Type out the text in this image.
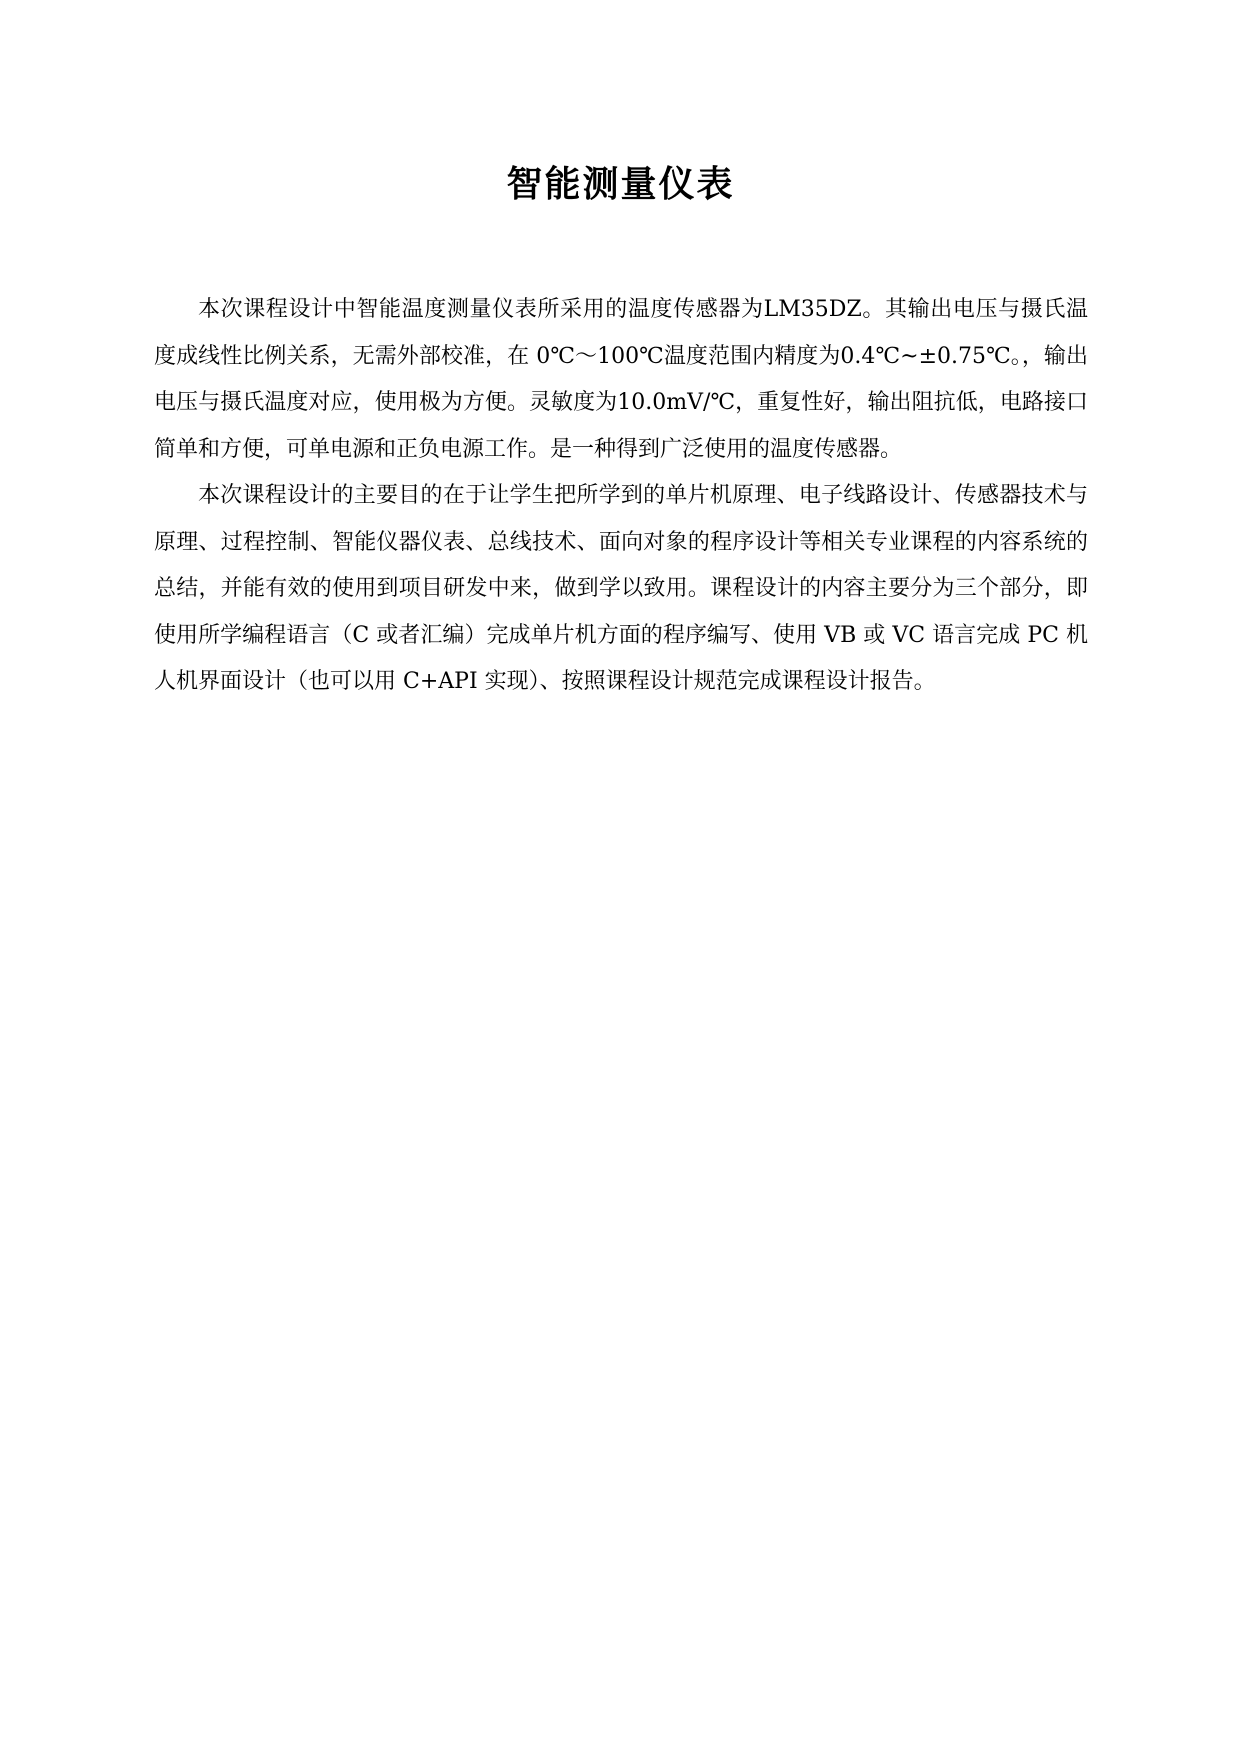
智能测量仪表

本次课程设计中智能温度测量仪表所采用的温度传感器为LM35DZ。其输出电压与摄氏温度成线性比例关系，无需外部校准，在 0℃～100℃温度范围内精度为0.4℃~±0.75℃。，输出电压与摄氏温度对应，使用极为方便。灵敏度为10.0mV/℃，重复性好，输出阻抗低，电路接口简单和方便，可单电源和正负电源工作。是一种得到广泛使用的温度传感器。

本次课程设计的主要目的在于让学生把所学到的单片机原理、电子线路设计、传感器技术与原理、过程控制、智能仪器仪表、总线技术、面向对象的程序设计等相关专业课程的内容系统的总结，并能有效的使用到项目研发中来，做到学以致用。课程设计的内容主要分为三个部分，即使用所学编程语言（C 或者汇编）完成单片机方面的程序编写、使用 VB 或 VC 语言完成 PC 机人机界面设计（也可以用 C+API 实现）、按照课程设计规范完成课程设计报告。
